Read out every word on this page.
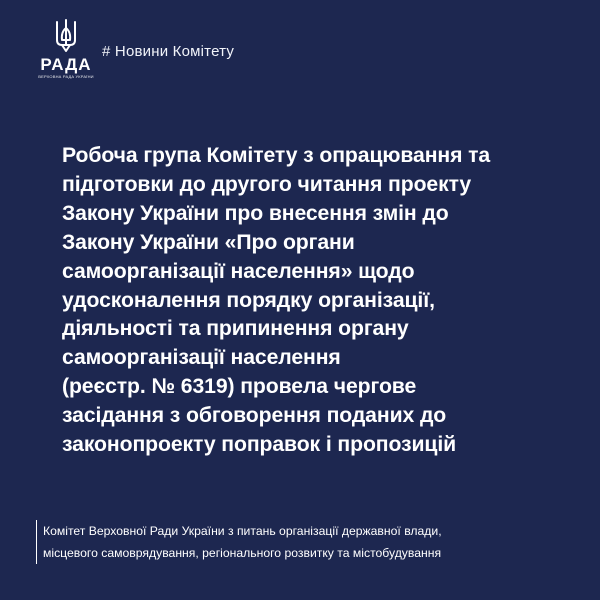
РАДА
ВЕРХОВНА РАДА УКРАЇНИ
# Новини Комітету
Робоча група Комітету з опрацювання та
підготовки до другого читання проекту
Закону України про внесення змін до
Закону України «Про органи
самоорганізації населення» щодо
удосконалення порядку організації,
діяльності та припинення органу
самоорганізації населення
(реєстр. № 6319) провела чергове
засідання з обговорення поданих до
законопроекту поправок і пропозицій
Комітет Верховної Ради України з питань організації державної влади,
місцевого самоврядування, регіонального розвитку та містобудування
